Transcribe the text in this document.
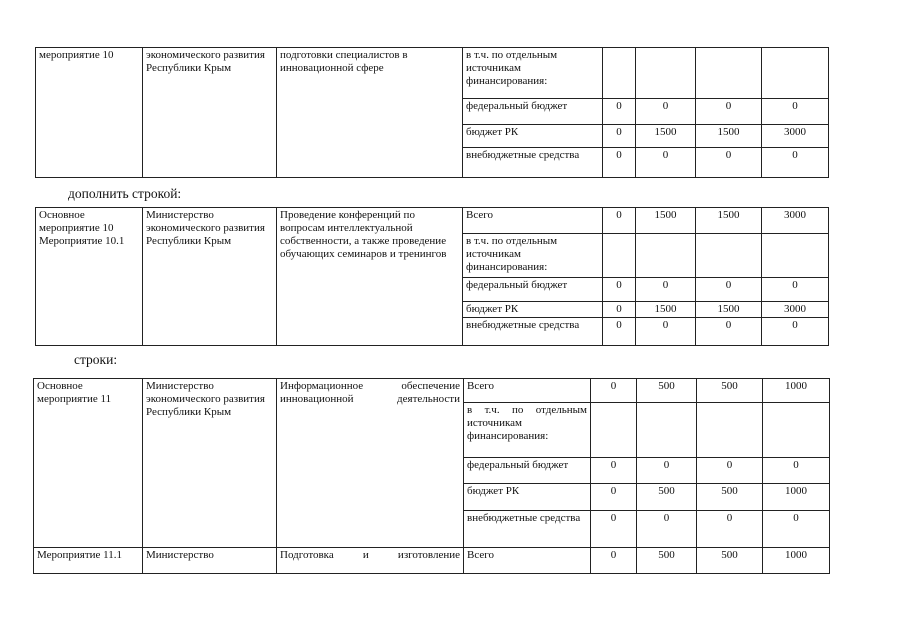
мероприятие 10	экономического развития Республики Крым	подготовки специалистов в инновационной сфере	в т.ч. по отдельным источникам финансирования:				
			федеральный бюджет	0	0	0	0
			бюджет РК	0	1500	1500	3000
			внебюджетные средства	0	0	0	0
дополнить строкой:
Основное мероприятие 10 Мероприятие 10.1	Министерство экономического развития Республики Крым	Проведение конференций по вопросам интеллектуальной собственности, а также проведение обучающих семинаров и тренингов	Всего	0	1500	1500	3000
			в т.ч. по отдельным источникам финансирования:				
			федеральный бюджет	0	0	0	0
			бюджет РК	0	1500	1500	3000
			внебюджетные средства	0	0	0	0
строки:
Основное мероприятие 11	Министерство экономического развития Республики Крым	Информационное обеспечение инновационной деятельности	Всего	0	500	500	1000
			в т.ч. по отдельным источникам финансирования:				
			федеральный бюджет	0	0	0	0
			бюджет РК	0	500	500	1000
			внебюджетные средства	0	0	0	0
Мероприятие 11.1	Министерство	Подготовка и изготовление	Всего	0	500	500	1000
